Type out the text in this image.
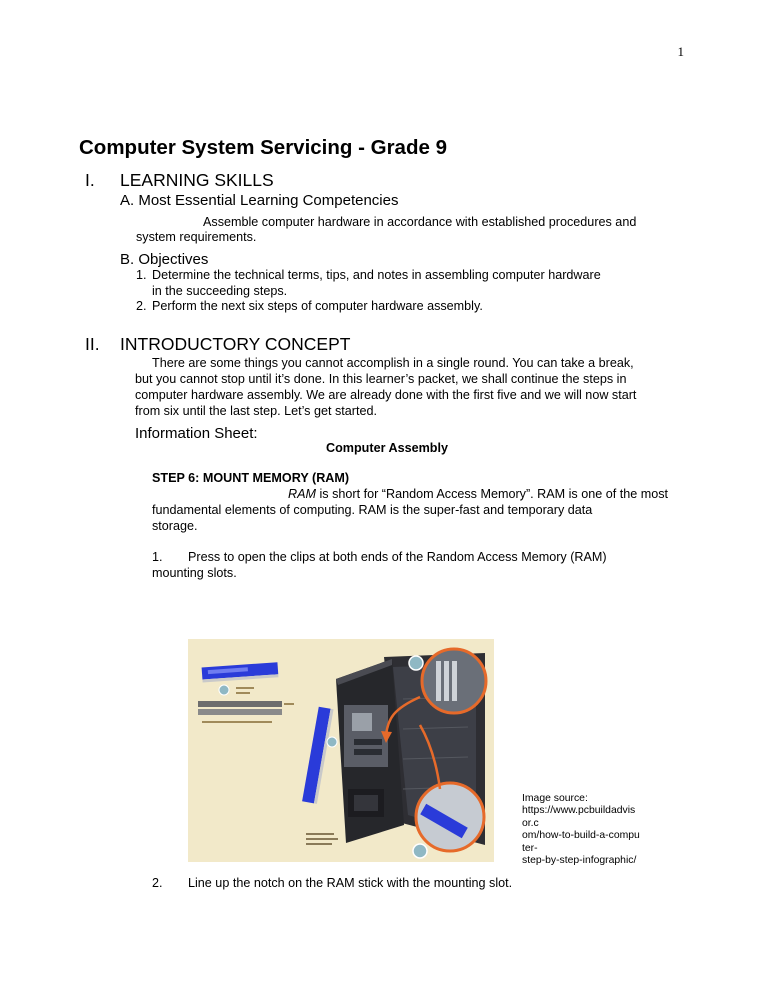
1
Computer System Servicing - Grade 9
I. LEARNING SKILLS
A. Most Essential Learning Competencies
Assemble computer hardware in accordance with established procedures and
system requirements.
B. Objectives
1. Determine the technical terms, tips, and notes in assembling computer hardware
in the succeeding steps.
2. Perform the next six steps of computer hardware assembly.
II. INTRODUCTORY CONCEPT
There are some things you cannot accomplish in a single round. You can take a break,
but you cannot stop until it’s done. In this learner’s packet, we shall continue the steps in
computer hardware assembly. We are already done with the first five and we will now start
from six until the last step. Let’s get started.
Information Sheet:
Computer Assembly
STEP 6: MOUNT MEMORY (RAM)
RAM is short for “Random Access Memory”. RAM is one of the most
fundamental elements of computing. RAM is the super-fast and temporary data
storage.
1. Press to open the clips at both ends of the Random Access Memory (RAM)
mounting slots.
Image source:
https://www.pcbuildadvisor.c
om/how-to-build-a-computer-
step-by-step-infographic/
2. Line up the notch on the RAM stick with the mounting slot.
